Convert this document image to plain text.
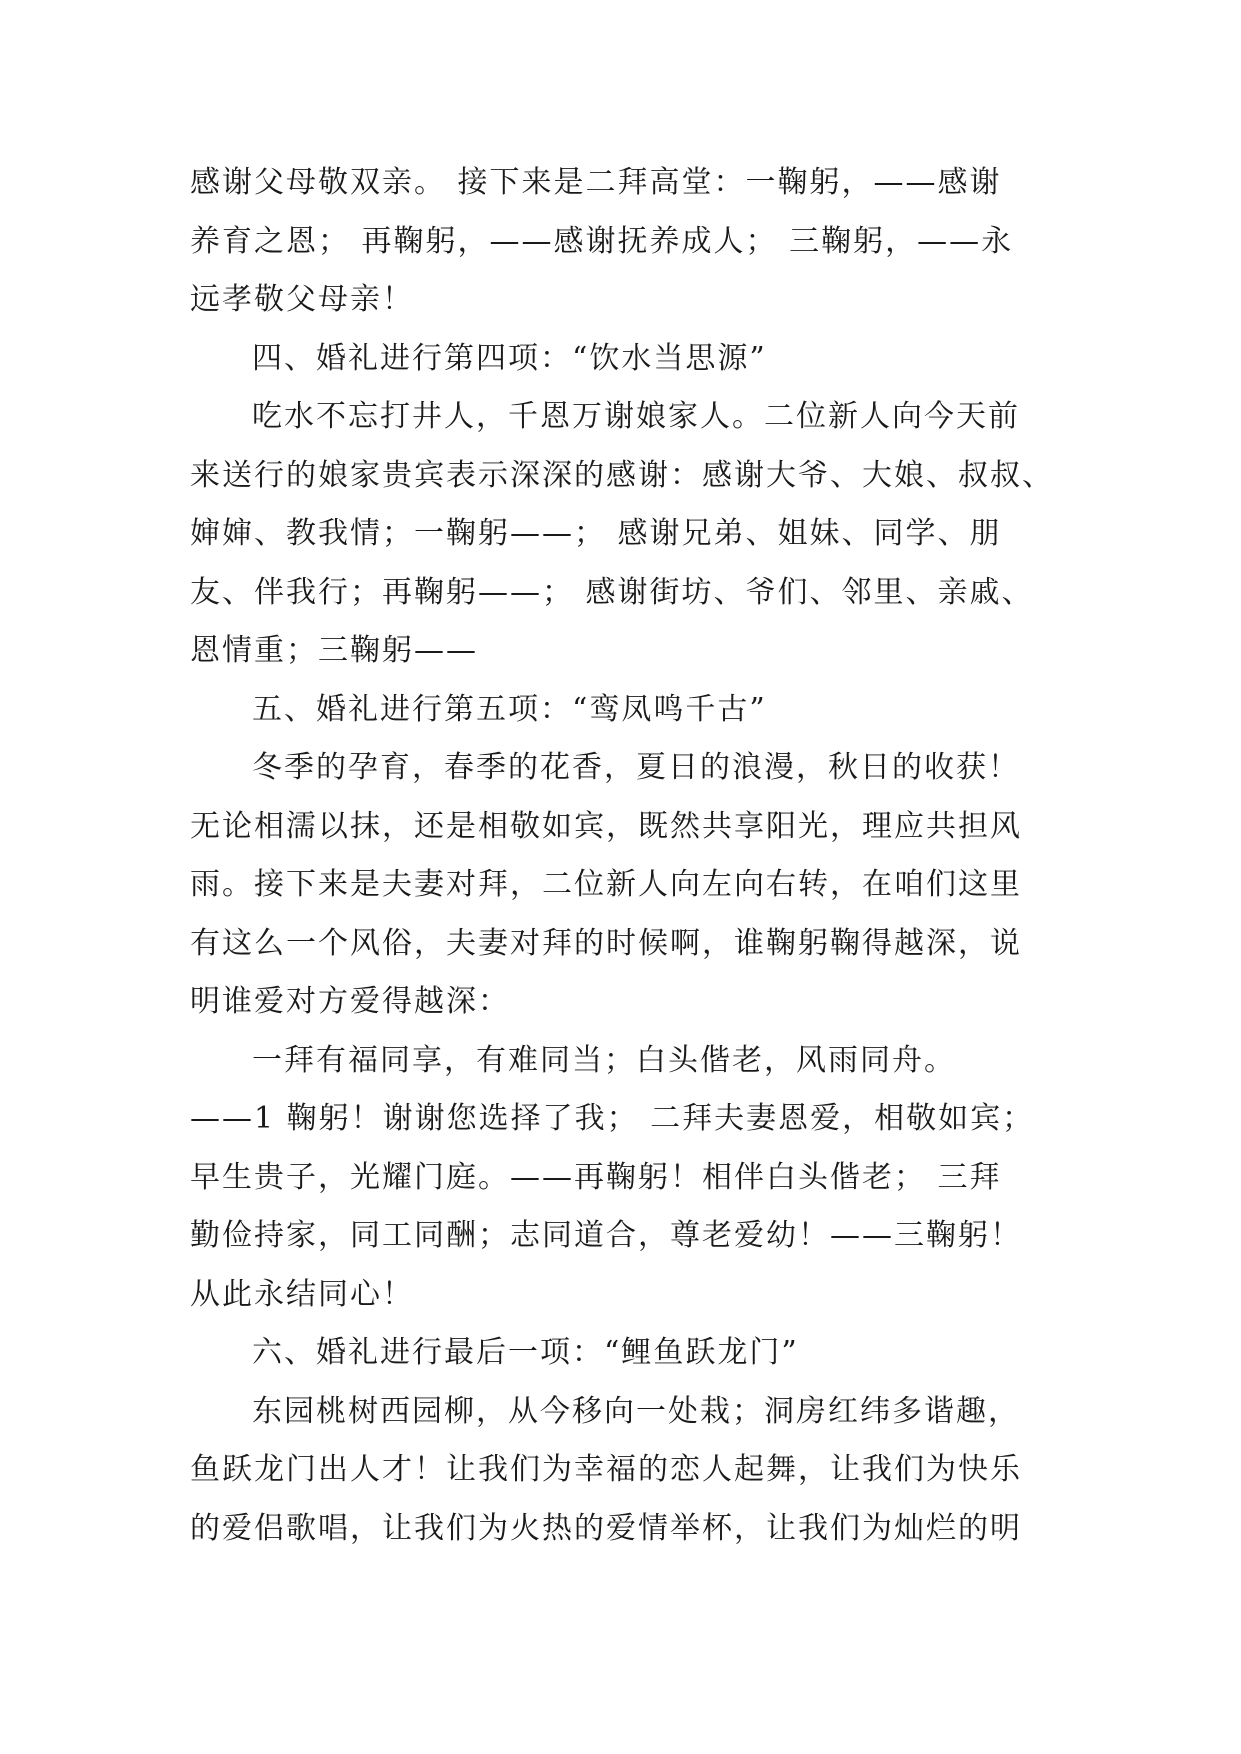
感谢父母敬双亲。 接下来是二拜高堂：一鞠躬，——感谢
养育之恩； 再鞠躬，——感谢抚养成人； 三鞠躬，——永
远孝敬父母亲！
四、婚礼进行第四项：“饮水当思源”
吃水不忘打井人，千恩万谢娘家人。二位新人向今天前
来送行的娘家贵宾表示深深的感谢：感谢大爷、大娘、叔叔、
婶婶、教我情；一鞠躬——； 感谢兄弟、姐妹、同学、朋
友、伴我行；再鞠躬——； 感谢街坊、爷们、邻里、亲戚、
恩情重；三鞠躬——
五、婚礼进行第五项：“鸾凤鸣千古”
冬季的孕育，春季的花香，夏日的浪漫，秋日的收获！
无论相濡以抹，还是相敬如宾，既然共享阳光，理应共担风
雨。接下来是夫妻对拜，二位新人向左向右转，在咱们这里
有这么一个风俗，夫妻对拜的时候啊，谁鞠躬鞠得越深，说
明谁爱对方爱得越深：
一拜有福同享，有难同当；白头偕老，风雨同舟。
——1 鞠躬！谢谢您选择了我； 二拜夫妻恩爱，相敬如宾；
早生贵子，光耀门庭。——再鞠躬！相伴白头偕老； 三拜
勤俭持家，同工同酬；志同道合，尊老爱幼！——三鞠躬！
从此永结同心！
六、婚礼进行最后一项：“鲤鱼跃龙门”
东园桃树西园柳，从今移向一处栽；洞房红纬多谐趣，
鱼跃龙门出人才！让我们为幸福的恋人起舞，让我们为快乐
的爱侣歌唱，让我们为火热的爱情举杯，让我们为灿烂的明
